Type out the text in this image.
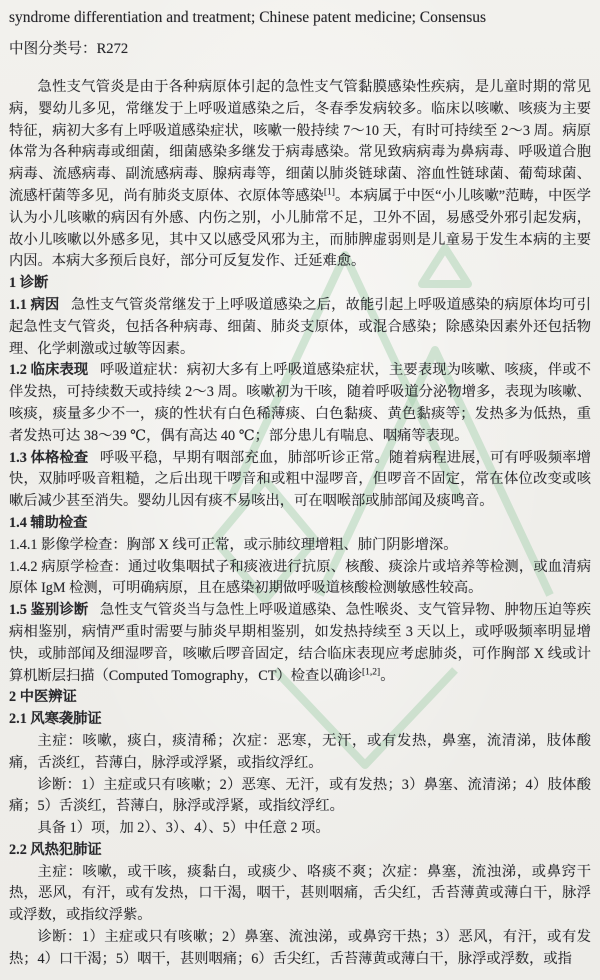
syndrome differentiation and treatment; Chinese patent medicine; Consensus
中图分类号：R272
急性支气管炎是由于各种病原体引起的急性支气管黏膜感染性疾病，是儿童时期的常见病，婴幼儿多见，常继发于上呼吸道感染之后，冬春季发病较多。临床以咳嗽、咳痰为主要特征，病初大多有上呼吸道感染症状，咳嗽一般持续 7～10 天，有时可持续至 2～3 周。病原体常为各种病毒或细菌，细菌感染多继发于病毒感染。常见致病病毒为鼻病毒、呼吸道合胞病毒、流感病毒、副流感病毒、腺病毒等，细菌以肺炎链球菌、溶血性链球菌、葡萄球菌、流感杆菌等多见，尚有肺炎支原体、衣原体等感染[1]。本病属于中医“小儿咳嗽”范畴，中医学认为小儿咳嗽的病因有外感、内伤之别，小儿肺常不足，卫外不固，易感受外邪引起发病，故小儿咳嗽以外感多见，其中又以感受风邪为主，而肺脾虚弱则是儿童易于发生本病的主要内因。本病大多预后良好，部分可反复发作、迁延难愈。
1 诊断
1.1 病因 急性支气管炎常继发于上呼吸道感染之后，故能引起上呼吸道感染的病原体均可引起急性支气管炎，包括各种病毒、细菌、肺炎支原体，或混合感染；除感染因素外还包括物理、化学刺激或过敏等因素。
1.2 临床表现 呼吸道症状：病初大多有上呼吸道感染症状，主要表现为咳嗽、咳痰，伴或不伴发热，可持续数天或持续 2～3 周。咳嗽初为干咳，随着呼吸道分泌物增多，表现为咳嗽、咳痰，痰量多少不一，痰的性状有白色稀薄痰、白色黏痰、黄色黏痰等；发热多为低热，重者发热可达 38～39 ℃，偶有高达 40 ℃；部分患儿有喘息、咽痛等表现。
1.3 体格检查 呼吸平稳，早期有咽部充血，肺部听诊正常。随着病程进展，可有呼吸频率增快，双肺呼吸音粗糙，之后出现干啰音和或粗中湿啰音，但啰音不固定，常在体位改变或咳嗽后减少甚至消失。婴幼儿因有痰不易咳出，可在咽喉部或肺部闻及痰鸣音。
1.4 辅助检查
1.4.1 影像学检查：胸部 X 线可正常，或示肺纹理增粗、肺门阴影增深。
1.4.2 病原学检查：通过收集咽拭子和痰液进行抗原、核酸、痰涂片或培养等检测，或血清病原体 IgM 检测，可明确病原，且在感染初期做呼吸道核酸检测敏感性较高。
1.5 鉴别诊断 急性支气管炎当与急性上呼吸道感染、急性喉炎、支气管异物、肿物压迫等疾病相鉴别，病情严重时需要与肺炎早期相鉴别，如发热持续至 3 天以上，或呼吸频率明显增快，或肺部闻及细湿啰音，咳嗽后啰音固定，结合临床表现应考虑肺炎，可作胸部 X 线或计算机断层扫描（Computed Tomography，CT）检查以确诊[1,2]。
2 中医辨证
2.1 风寒袭肺证
主症：咳嗽，痰白，痰清稀；次症：恶寒，无汗，或有发热，鼻塞，流清涕，肢体酸痛，舌淡红，苔薄白，脉浮或浮紧，或指纹浮红。
诊断：1）主症或只有咳嗽；2）恶寒、无汗，或有发热；3）鼻塞、流清涕；4）肢体酸痛；5）舌淡红，苔薄白，脉浮或浮紧，或指纹浮红。
具备 1）项，加 2）、3）、4）、5）中任意 2 项。
2.2 风热犯肺证
主症：咳嗽，或干咳，痰黏白，或痰少、咯痰不爽；次症：鼻塞，流浊涕，或鼻窍干热，恶风，有汗，或有发热，口干渴，咽干，甚则咽痛，舌尖红，舌苔薄黄或薄白干，脉浮或浮数，或指纹浮紫。
诊断：1）主症或只有咳嗽；2）鼻塞、流浊涕，或鼻窍干热；3）恶风，有汗，或有发热；4）口干渴；5）咽干，甚则咽痛；6）舌尖红，舌苔薄黄或薄白干，脉浮或浮数，或指
